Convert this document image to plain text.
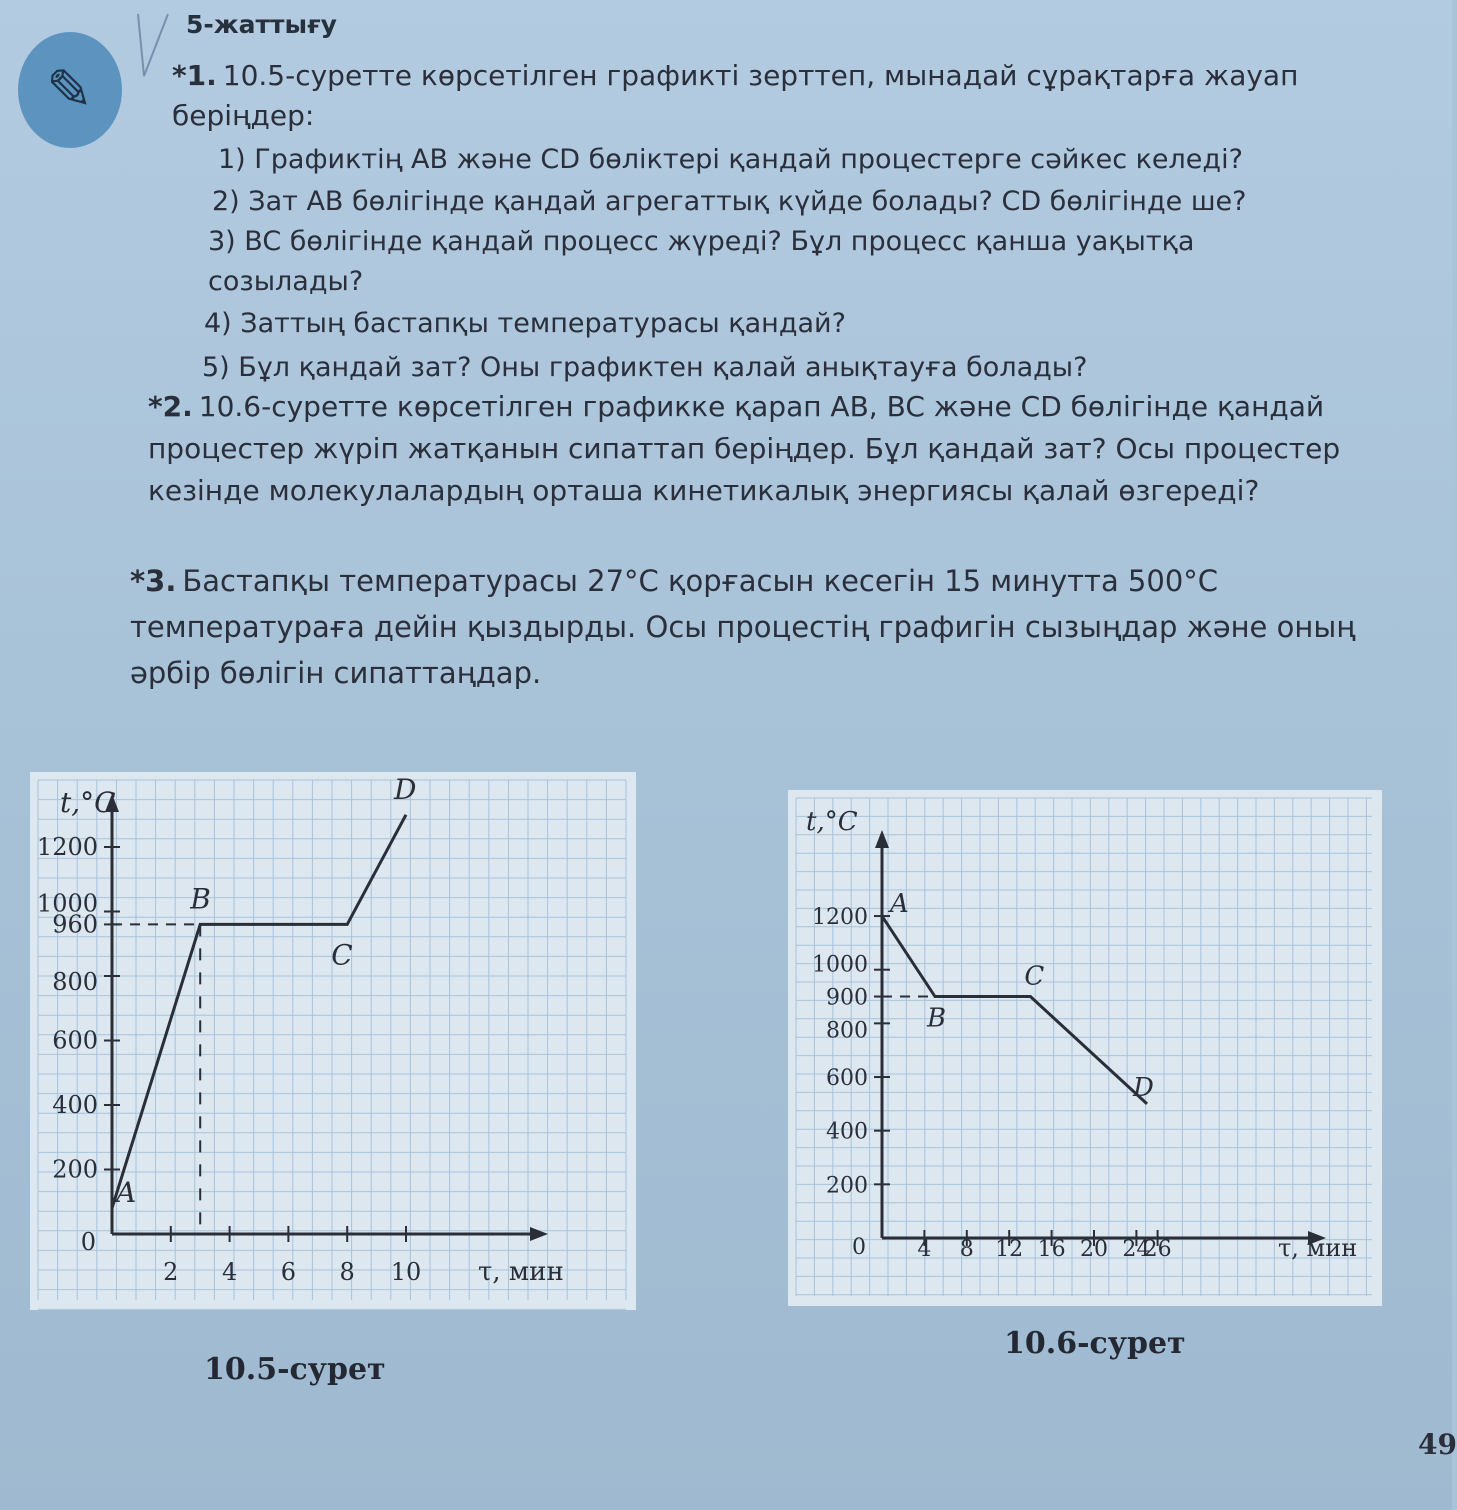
✎
5-жаттығу

*1. 10.5-суретте көрсетілген графикті зерттеп, мынадай сұрақтарға жауап беріңдер:

1) Графиктің AB және CD бөліктері қандай процестерге сәйкес келеді?

2) Зат AB бөлігінде қандай агрегаттық күйде болады? CD бөлігінде ше?

3) BC бөлігінде қандай процесс жүреді? Бұл процесс қанша уақытқа созылады?

4) Заттың бастапқы температурасы қандай?

5) Бұл қандай зат? Оны графиктен қалай анықтауға болады?

*2. 10.6-суретте көрсетілген графикке қарап AB, BC және CD бөлігінде қандай процестер жүріп жатқанын сипаттап беріңдер. Бұл қандай зат? Осы процестер кезінде молекулалардың орташа кинетикалық энергиясы қалай өзгереді?

*3. Бастапқы температурасы 27°C қорғасын кесегін 15 минутта 500°C температураға дейін қыздырды. Осы процестің графигін сызыңдар және оның әрбір бөлігін сипаттаңдар.

200
400
600
800
960
1000
1200
2 4 6 8 10
0
τ, мин
t,°C
A
B
C
D
200
400
600
800
900
1000
1200
4 8 12 16 20 24
26
0	τ, мин
t,°C
A
B
C
D
10.5-сурет
10.6-сурет
49
